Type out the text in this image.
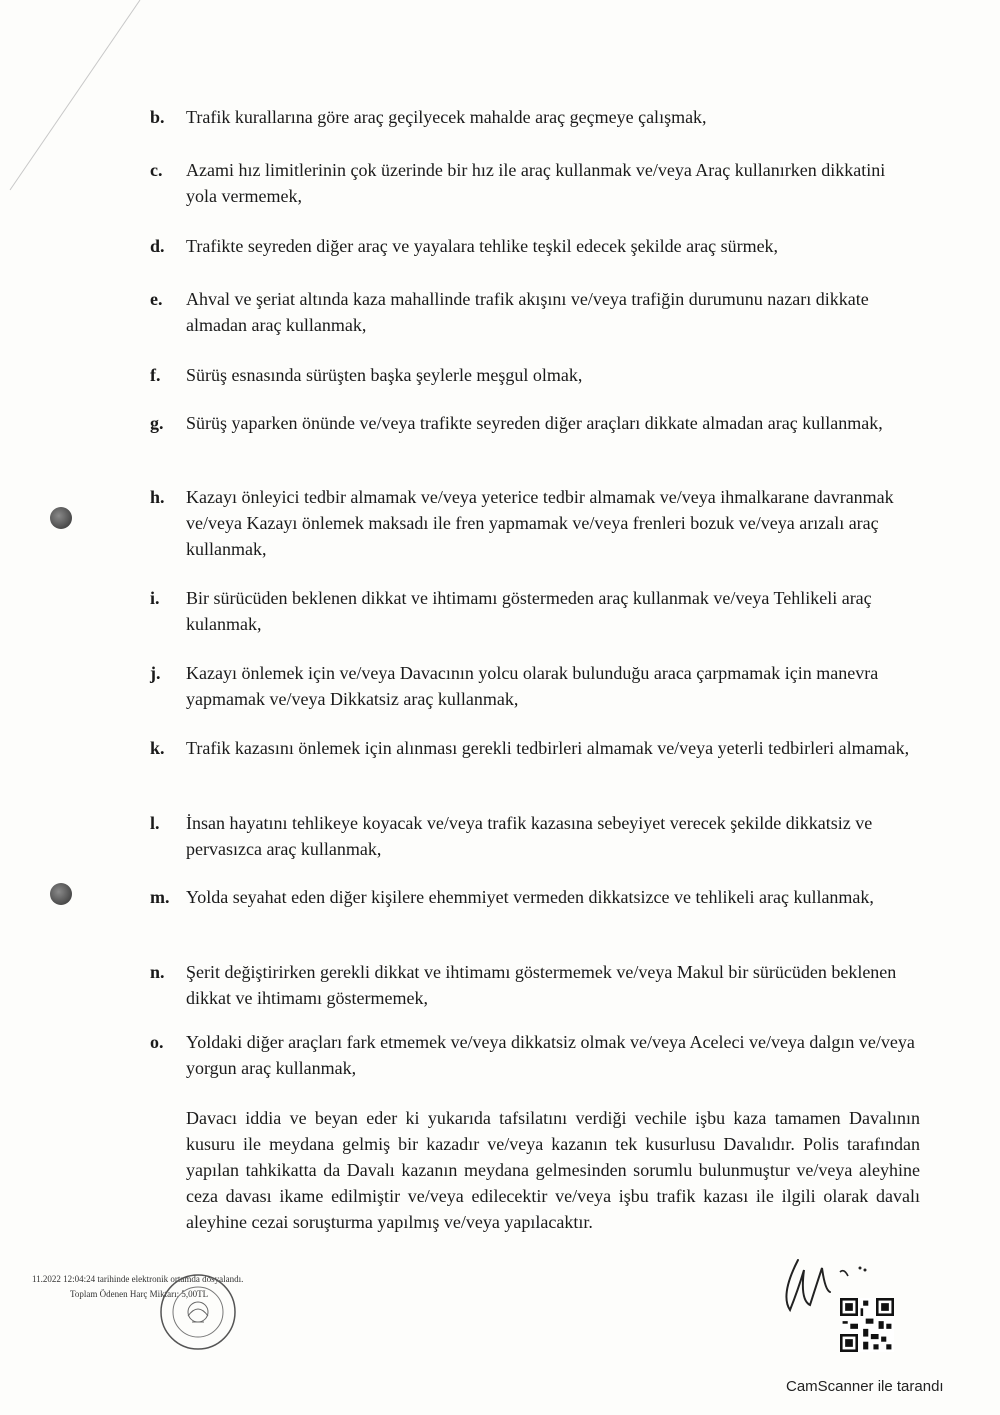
b. Trafik kurallarına göre araç geçilyecek mahalde araç geçmeye çalışmak,
c. Azami hız limitlerinin çok üzerinde bir hız ile araç kullanmak ve/veya Araç kullanırken dikkatini yola vermemek,
d. Trafikte seyreden diğer araç ve yayalara tehlike teşkil edecek şekilde araç sürmek,
e. Ahval ve şeriat altında kaza mahallinde trafik akışını ve/veya trafiğin durumunu nazarı dikkate almadan araç kullanmak,
f. Sürüş esnasında sürüşten başka şeylerle meşgul olmak,
g. Sürüş yaparken önünde ve/veya trafikte seyreden diğer araçları dikkate almadan araç kullanmak,
h. Kazayı önleyici tedbir almamak ve/veya yeterice tedbir almamak ve/veya ihmalkarane davranmak ve/veya Kazayı önlemek maksadı ile fren yapmamak ve/veya frenleri bozuk ve/veya arızalı araç kullanmak,
i. Bir sürücüden beklenen dikkat ve ihtimamı göstermeden araç kullanmak ve/veya Tehlikeli araç kulanmak,
j. Kazayı önlemek için ve/veya Davacının yolcu olarak bulunduğu araca çarpmamak için manevra yapmamak ve/veya Dikkatsiz araç kullanmak,
k. Trafik kazasını önlemek için alınması gerekli tedbirleri almamak ve/veya yeterli tedbirleri almamak,
l. İnsan hayatını tehlikeye koyacak ve/veya trafik kazasına sebeyiyet verecek şekilde dikkatsiz ve pervasızca araç kullanmak,
m. Yolda seyahat eden diğer kişilere ehemmiyet vermeden dikkatsizce ve tehlikeli araç kullanmak,
n. Şerit değiştirirken gerekli dikkat ve ihtimamı göstermemek ve/veya Makul bir sürücüden beklenen dikkat ve ihtimamı göstermemek,
o. Yoldaki diğer araçları fark etmemek ve/veya dikkatsiz olmak ve/veya Aceleci ve/veya dalgın ve/veya yorgun araç kullanmak,
Davacı iddia ve beyan eder ki yukarıda tafsilatını verdiği vechile işbu kaza tamamen Davalının kusuru ile meydana gelmiş bir kazadır ve/veya kazanın tek kusurlusu Davalıdır. Polis tarafından yapılan tahkikatta da Davalı kazanın meydana gelmesinden sorumlu bulunmuştur ve/veya aleyhine ceza davası ikame edilmiştir ve/veya edilecektir ve/veya işbu trafik kazası ile ilgili olarak davalı aleyhine cezai soruşturma yapılmış ve/veya yapılacaktır.
11.2022 12:04:24 tarihinde elektronik ortamda dosyalandı.
Toplam Ödenen Harç Miktarı: 5,00TL
CamScanner ile tarandı
